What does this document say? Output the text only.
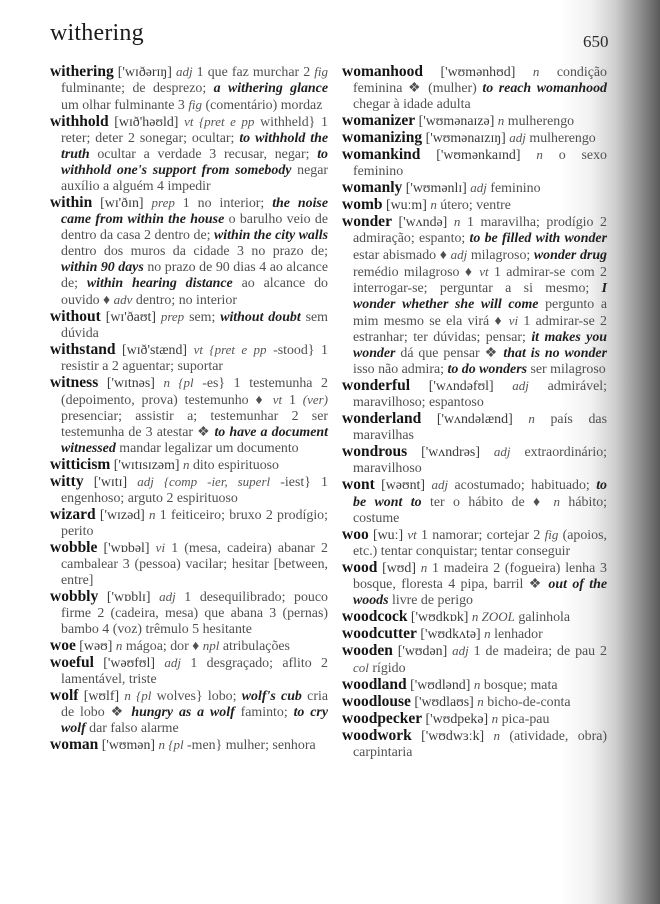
withering	650

withering ['wɪðərɪŋ] adj 1 que faz murchar 2 fig fulminante; de desprezo; a withering glance um olhar fulminante 3 fig (comentário) mordaz

withhold [wɪð'həʊld] vt {pret e pp withheld} 1 reter; deter 2 sonegar; ocultar; to withhold the truth ocultar a verdade 3 recusar, negar; to withhold one's support from somebody negar auxílio a alguém 4 impedir

within [wɪ'ðɪn] prep 1 no interior; the noise came from within the house o barulho veio de dentro da casa 2 dentro de; within the city walls dentro dos muros da cidade 3 no prazo de; within 90 days no prazo de 90 dias 4 ao alcance de; within hearing distance ao alcance do ouvido ♦ adv dentro; no interior

without [wɪ'ðaʊt] prep sem; without doubt sem dúvida

withstand [wɪð'stænd] vt {pret e pp -stood} 1 resistir a 2 aguentar; suportar

witness ['wɪtnəs] n {pl -es} 1 testemunha 2 (depoimento, prova) testemunho ♦ vt 1 (ver) presenciar; assistir a; testemunhar 2 ser testemunha de 3 atestar ❖ to have a document witnessed mandar legalizar um documento

witticism ['wɪtɪsɪzəm] n dito espirituoso

witty ['wɪtɪ] adj {comp -ier, superl -iest} 1 engenhoso; arguto 2 espirituoso

wizard ['wɪzəd] n 1 feiticeiro; bruxo 2 prodígio; perito

wobble ['wɒbəl] vi 1 (mesa, cadeira) abanar 2 cambalear 3 (pessoa) vacilar; hesitar [between, entre]

wobbly ['wɒblɪ] adj 1 desequilibrado; pouco firme 2 (cadeira, mesa) que abana 3 (pernas) bambo 4 (voz) trêmulo 5 hesitante

woe [wəʊ] n mágoa; dor ♦ npl atribulações

woeful ['wəʊfʊl] adj 1 desgraçado; aflito 2 lamentável, triste

wolf [wʊlf] n {pl wolves} lobo; wolf's cub cria de lobo ❖ hungry as a wolf faminto; to cry wolf dar falso alarme

woman ['wʊmən] n {pl -men} mulher; senhora

womanhood ['wʊmənhʊd] n condição feminina ❖ (mulher) to reach womanhood chegar à idade adulta

womanizer ['wʊmənaɪzə] n mulherengo

womanizing ['wʊmənaɪzɪŋ] adj mulherengo

womankind ['wʊmənkaɪnd] n o sexo feminino

womanly ['wʊmənlɪ] adj feminino

womb [wuːm] n útero; ventre

wonder ['wʌndə] n 1 maravilha; prodígio 2 admiração; espanto; to be filled with wonder estar abismado ♦ adj milagroso; wonder drug remédio milagroso ♦ vt 1 admirar-se com 2 interrogar-se; perguntar a si mesmo; I wonder whether she will come pergunto a mim mesmo se ela virá ♦ vi 1 admirar-se 2 estranhar; ter dúvidas; pensar; it makes you wonder dá que pensar ❖ that is no wonder isso não admira; to do wonders ser milagroso

wonderful ['wʌndəfʊl] adj admirável; maravilhoso; espantoso

wonderland ['wʌndəlænd] n país das maravilhas

wondrous ['wʌndrəs] adj extraordinário; maravilhoso

wont [wəʊnt] adj acostumado; habituado; to be wont to ter o hábito de ♦ n hábito; costume

woo [wuː] vt 1 namorar; cortejar 2 fig (apoios, etc.) tentar conquistar; tentar conseguir

wood [wʊd] n 1 madeira 2 (fogueira) lenha 3 bosque, floresta 4 pipa, barril ❖ out of the woods livre de perigo

woodcock ['wʊdkɒk] n ZOOL galinhola

woodcutter ['wʊdkʌtə] n lenhador

wooden ['wʊdən] adj 1 de madeira; de pau 2 col rígido

woodland ['wʊdlənd] n bosque; mata

woodlouse ['wʊdlaʊs] n bicho-de-conta

woodpecker ['wʊdpekə] n pica-pau

woodwork ['wʊdwɜːk] n (atividade, obra) carpintaria
